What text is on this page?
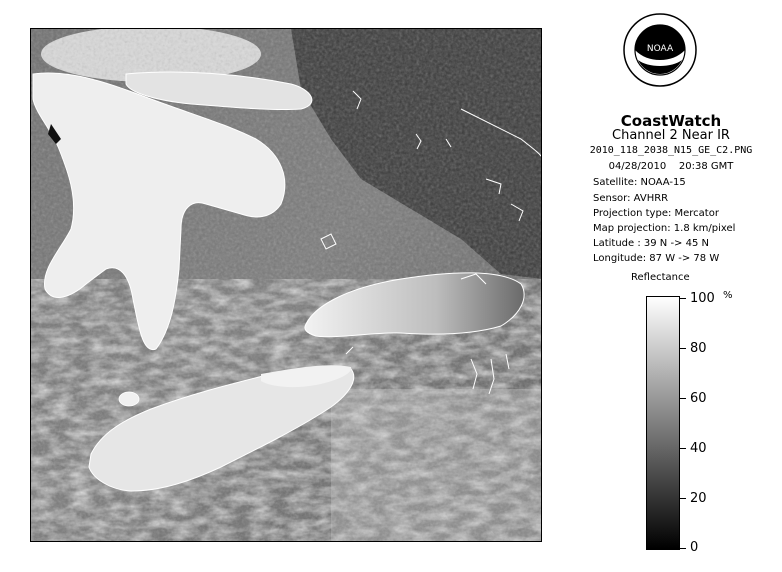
NOAA
CoastWatch
Channel 2 Near IR
2010_118_2038_N15_GE_C2.PNG
04/28/2010    20:38 GMT
Satellite: NOAA-15
Sensor: AVHRR
Projection type: Mercator
Map projection: 1.8 km/pixel
Latitude : 39 N -> 45 N
Longitude: 87 W -> 78 W
Reflectance
%
100
80
60
40
20
0
